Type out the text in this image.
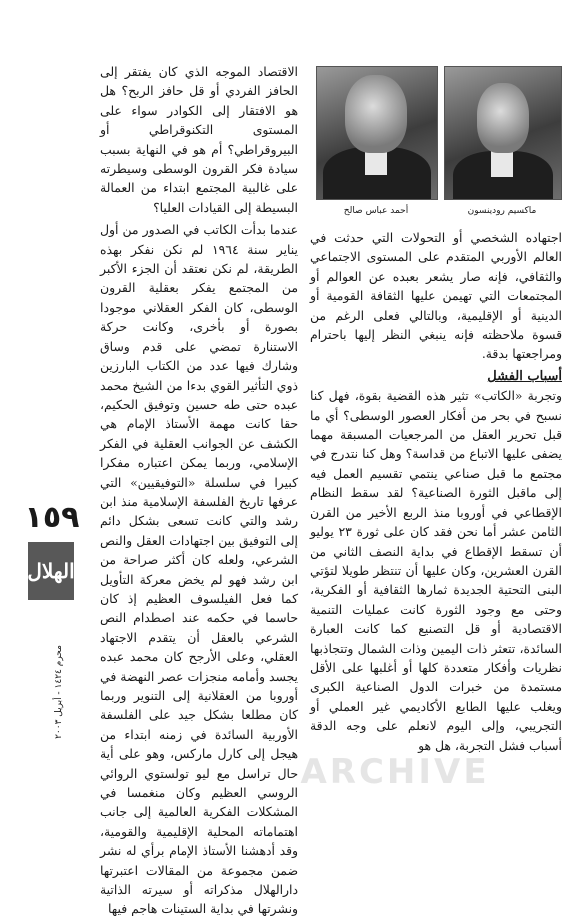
ماكسيم رودينسون
أحمد عباس صالح

اجتهاده الشخصي أو التحولات التي حدثت في العالم الأوربي المتقدم على المستوى الاجتماعي والثقافي، فإنه صار يشعر بعبده عن العوالم أو المجتمعات التي تهيمن عليها الثقافة القومية أو الدينية أو الإقليمية، وبالتالي فعلى الرغم من قسوة ملاحظته فإنه ينبغي النظر إليها باحترام ومراجعتها بدقة.

أسباب الفشل

وتجربة «الكاتب» تثير هذه القضية بقوة، فهل كنا نسبح في بحر من أفكار العصور الوسطى؟ أي ما قبل تحرير العقل من المرجعيات المسبقة مهما يضفى عليها الاتباع من قداسة؟ وهل كنا نتدرج في مجتمع ما قبل صناعي ينتمي تقسيم العمل فيه إلى ماقبل الثورة الصناعية؟ لقد سقط النظام الإقطاعي في أوروبا منذ الربع الأخير من القرن الثامن عشر أما نحن فقد كان على ثورة ٢٣ يوليو أن تسقط الإقطاع في بداية النصف الثاني من القرن العشرين، وكان عليها أن تنتظر طويلا لتؤتي البنى التحتية الجديدة ثمارها الثقافية أو الفكرية، وحتى مع وجود الثورة كانت عمليات التنمية الاقتصادية أو قل التصنيع كما كانت العبارة السائدة، تتعثر ذات اليمين وذات الشمال وتتجاذبها نظريات وأفكار متعددة كلها أو أغلبها على الأقل مستمدة من خبرات الدول الصناعية الكبرى ويغلب عليها الطابع الأكاديمي غير العملي أو التجريبي، وإلى اليوم لانعلم على وجه الدقة أسباب فشل التجربة، هل هو

الاقتصاد الموجه الذي كان يفتقر إلى الحافز الفردي أو قل حافز الربح؟ هل هو الافتقار إلى الكوادر سواء على المستوى التكنوقراطي أو البيروقراطي؟ أم هو في النهاية بسبب سيادة فكر القرون الوسطى وسيطرته على غالبية المجتمع ابتداء من العمالة البسيطة إلى القيادات العليا؟

عندما بدأت الكاتب في الصدور من أول يناير سنة ١٩٦٤ لم نكن نفكر بهذه الطريقة، لم نكن نعتقد أن الجزء الأكبر من المجتمع يفكر بعقلية القرون الوسطى، كان الفكر العقلاني موجودا بصورة أو بأخرى، وكانت حركة الاستنارة تمضي على قدم وساق وشارك فيها عدد من الكتاب البارزين ذوي التأثير القوي بدءا من الشيخ محمد عبده حتى طه حسين وتوفيق الحكيم، حقا كانت مهمة الأستاذ الإمام هي الكشف عن الجوانب العقلية في الفكر الإسلامي، وربما يمكن اعتباره مفكرا كبيرا في سلسلة «التوفيقيين» التي عرفها تاريخ الفلسفة الإسلامية منذ ابن رشد والتي كانت تسعى بشكل دائم إلى التوفيق بين اجتهادات العقل والنص الشرعي، ولعله كان أكثر صراحة من ابن رشد فهو لم يخض معركة التأويل كما فعل الفيلسوف العظيم إذ كان حاسما في حكمه عند اصطدام النص الشرعي بالعقل أن يتقدم الاجتهاد العقلي، وعلى الأرجح كان محمد عبده يجسد وأمامه منجزات عصر النهضة في أوروبا من العقلانية إلى التنوير وربما كان مطلعا بشكل جيد على الفلسفة الأوربية السائدة في زمنه ابتداء من هيجل إلى كارل ماركس، وهو على أية حال تراسل مع ليو تولستوي الروائي الروسي العظيم وكان منغمسا في المشكلات الفكرية العالمية إلى جانب اهتماماته المحلية الإقليمية والقومية، وقد أدهشنا الأستاذ الإمام برأي له نشر ضمن مجموعة من المقالات اعتبرتها دارالهلال مذكراته أو سيرته الذاتية ونشرتها في بداية الستينات هاجم فيها

١٥٩
الهلال
محرم ١٤٢٤ - أبريل ٢٠٠٣
ARCHIVE
